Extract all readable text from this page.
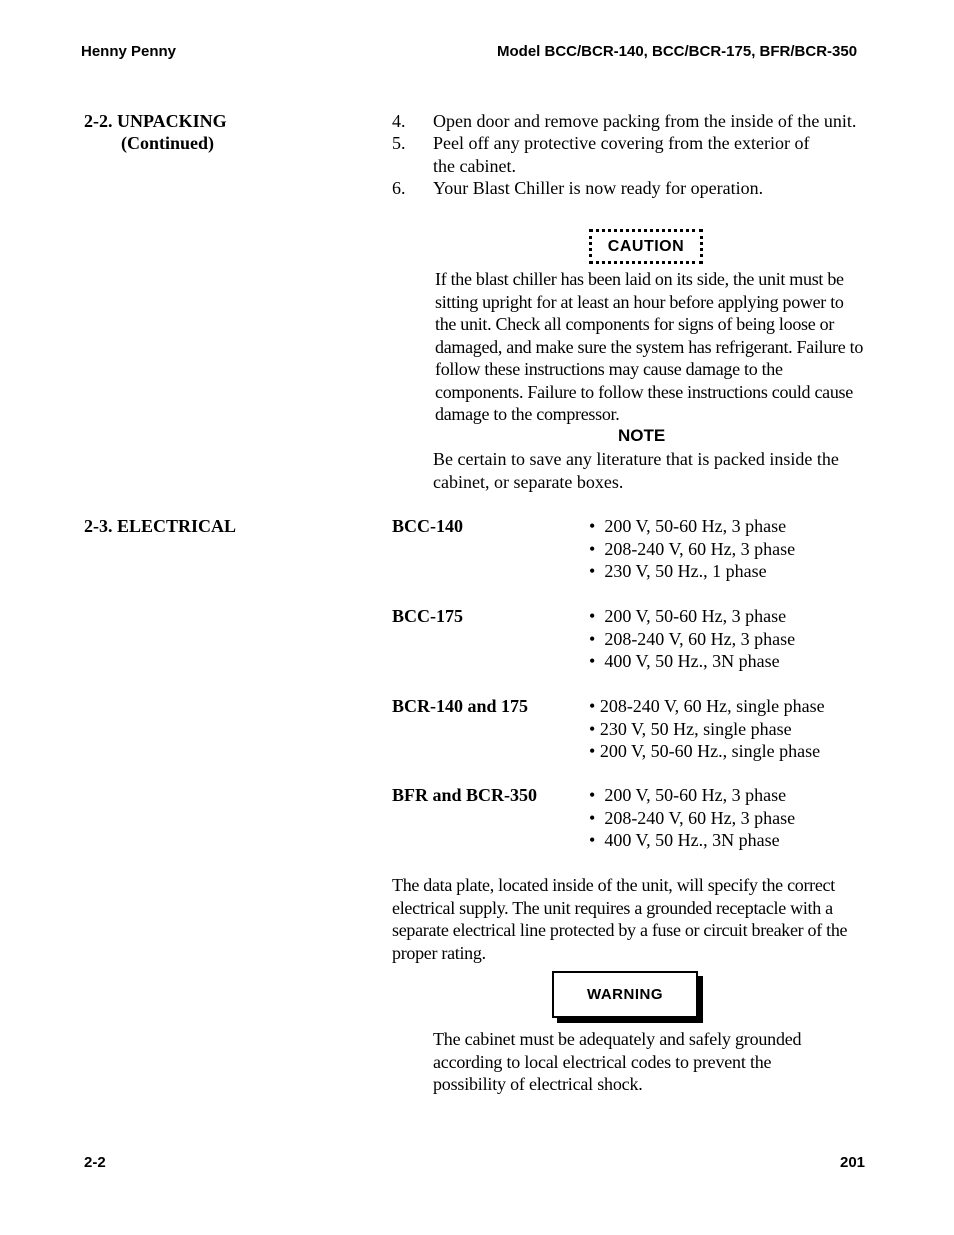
Henny Penny	Model BCC/BCR-140, BCC/BCR-175, BFR/BCR-350
2-2. UNPACKING
(Continued)
4. Open door and remove packing from the inside of the unit.
5. Peel off any protective covering from the exterior of the cabinet.
6. Your Blast Chiller is now ready for operation.
CAUTION
If the blast chiller has been laid on its side, the unit must be sitting upright for at least an hour before applying power to the unit. Check all components for signs of being loose or damaged, and make sure the system has refrigerant. Failure to follow these instructions may cause damage to the components. Failure to follow these instructions could cause damage to the compressor.
NOTE
Be certain to save any literature that is packed inside the cabinet, or separate boxes.
2-3. ELECTRICAL	BCC-140	• 200 V, 50-60 Hz, 3 phase
• 208-240 V, 60 Hz, 3 phase
• 230 V, 50 Hz., 1 phase
BCC-175	• 200 V, 50-60 Hz, 3 phase
• 208-240 V, 60 Hz, 3 phase
• 400 V, 50 Hz., 3N phase
BCR-140 and 175	• 208-240 V, 60 Hz, single phase
• 230 V, 50 Hz, single phase
• 200 V, 50-60 Hz., single phase
BFR and BCR-350	• 200 V, 50-60 Hz, 3 phase
• 208-240 V, 60 Hz, 3 phase
• 400 V, 50 Hz., 3N phase
The data plate, located inside of the unit, will specify the correct electrical supply. The unit requires a grounded receptacle with a separate electrical line protected by a fuse or circuit breaker of the proper rating.
WARNING
The cabinet must be adequately and safely grounded according to local electrical codes to prevent the possibility of electrical shock.
2-2	201
